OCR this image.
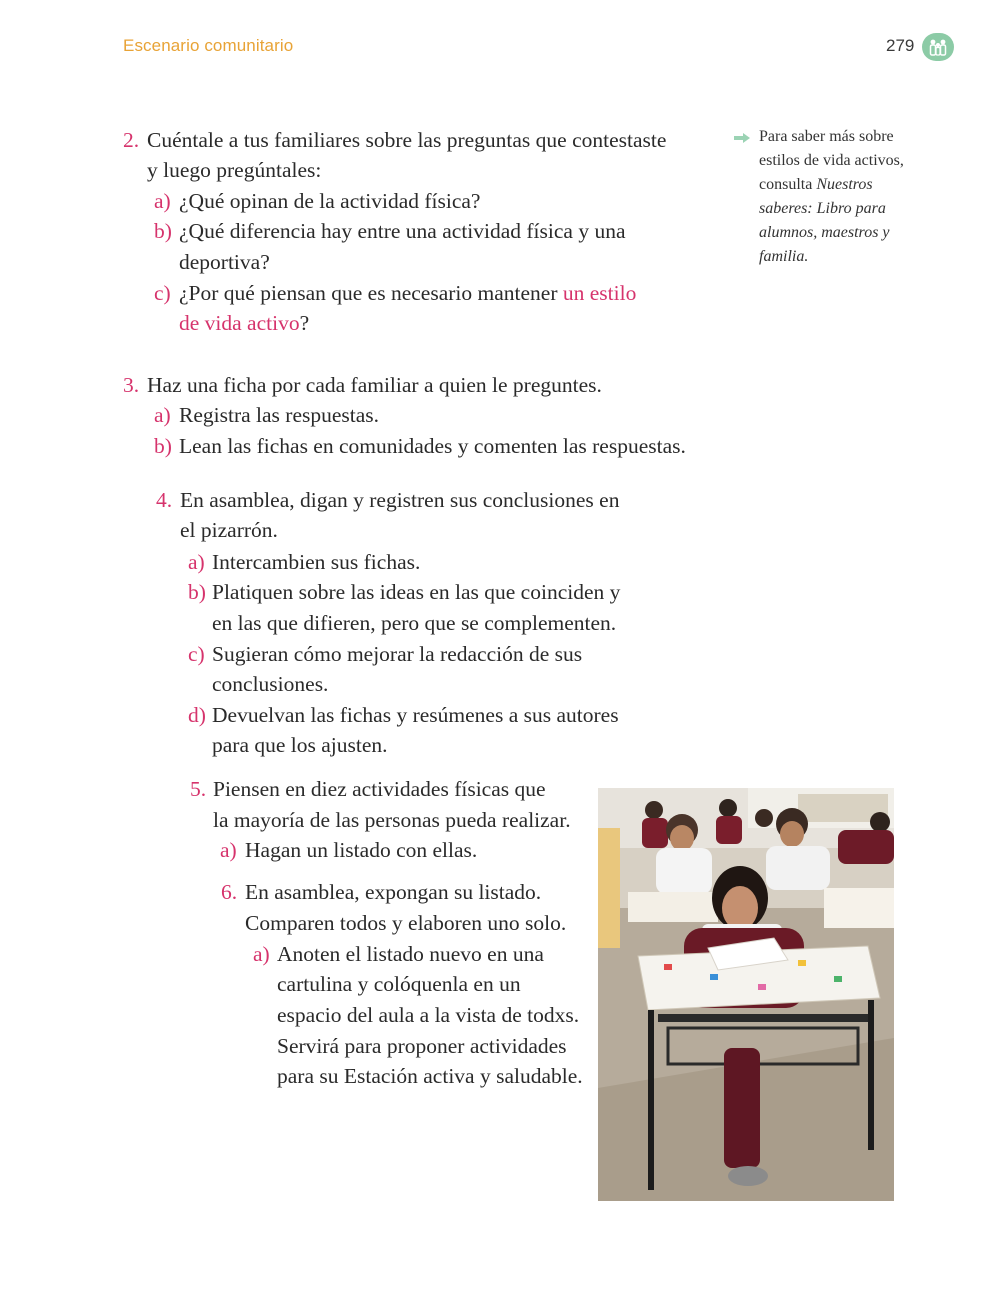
Escenario comunitario	279
2. Cuéntale a tus familiares sobre las preguntas que contestaste
y luego pregúntales:
a) ¿Qué opinan de la actividad física?
b) ¿Qué diferencia hay entre una actividad física y una
deportiva?
c) ¿Por qué piensan que es necesario mantener un estilo
de vida activo?
3. Haz una ficha por cada familiar a quien le preguntes.
a) Registra las respuestas.
b) Lean las fichas en comunidades y comenten las respuestas.
4. En asamblea, digan y registren sus conclusiones en
el pizarrón.
a) Intercambien sus fichas.
b) Platiquen sobre las ideas en las que coinciden y
en las que difieren, pero que se complementen.
c) Sugieran cómo mejorar la redacción de sus
conclusiones.
d) Devuelvan las fichas y resúmenes a sus autores
para que los ajusten.
5. Piensen en diez actividades físicas que
la mayoría de las personas pueda realizar.
a) Hagan un listado con ellas.
6. En asamblea, expongan su listado.
Comparen todos y elaboren uno solo.
a) Anoten el listado nuevo en una
cartulina y colóquenla en un
espacio del aula a la vista de todxs.
Servirá para proponer actividades
para su Estación activa y saludable.
Para saber más sobre
estilos de vida activos,
consulta Nuestros
saberes: Libro para
alumnos, maestros y
familia.
